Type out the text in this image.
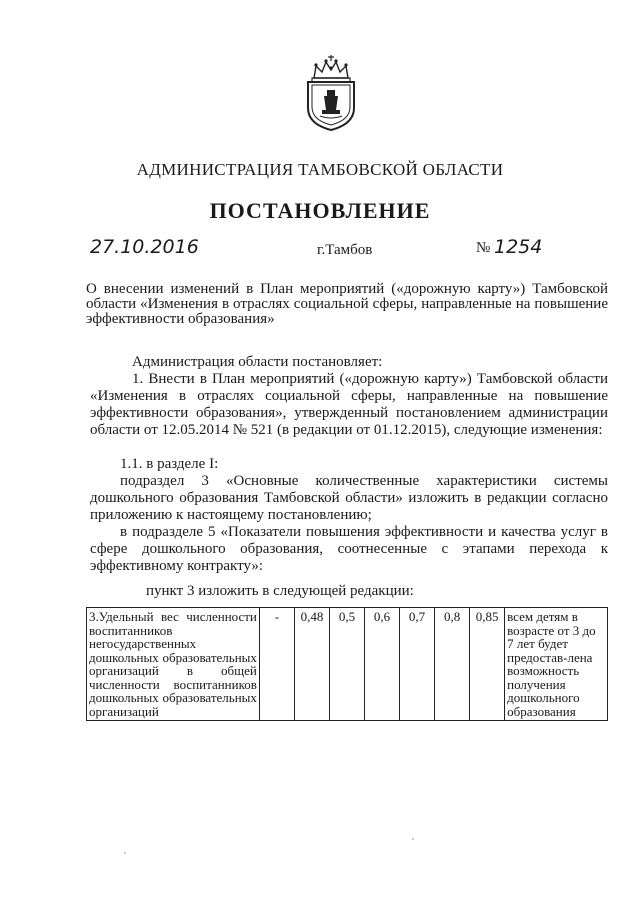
АДМИНИСТРАЦИЯ ТАМБОВСКОЙ ОБЛАСТИ
ПОСТАНОВЛЕНИЕ
27.10.2016	г.Тамбов	№ 1254
О внесении изменений в План мероприятий («дорожную карту») Тамбовской области «Изменения в отраслях социальной сферы, направленные на повышение эффективности образования»
Администрация области постановляет:
1. Внести в План мероприятий («дорожную карту») Тамбовской области «Изменения в отраслях социальной сферы, направленные на повышение эффективности образования», утвержденный постановлением администрации области от 12.05.2014 № 521 (в редакции от 01.12.2015), следующие изменения:
1.1. в разделе I:
подраздел 3 «Основные количественные характеристики системы дошкольного образования Тамбовской области» изложить в редакции согласно приложению к настоящему постановлению;
в подразделе 5 «Показатели повышения эффективности и качества услуг в сфере дошкольного образования, соотнесенные с этапами перехода к эффективному контракту»:
пункт 3 изложить в следующей редакции:
3.Удельный вес численности воспитанников негосударственных дошкольных образовательных организаций в общей численности воспитанников дошкольных образовательных организаций	-	0,48	0,5	0,6	0,7	0,8	0,85	всем детям в возрасте от 3 до 7 лет будет предостав-лена возможность получения дошкольного образования
